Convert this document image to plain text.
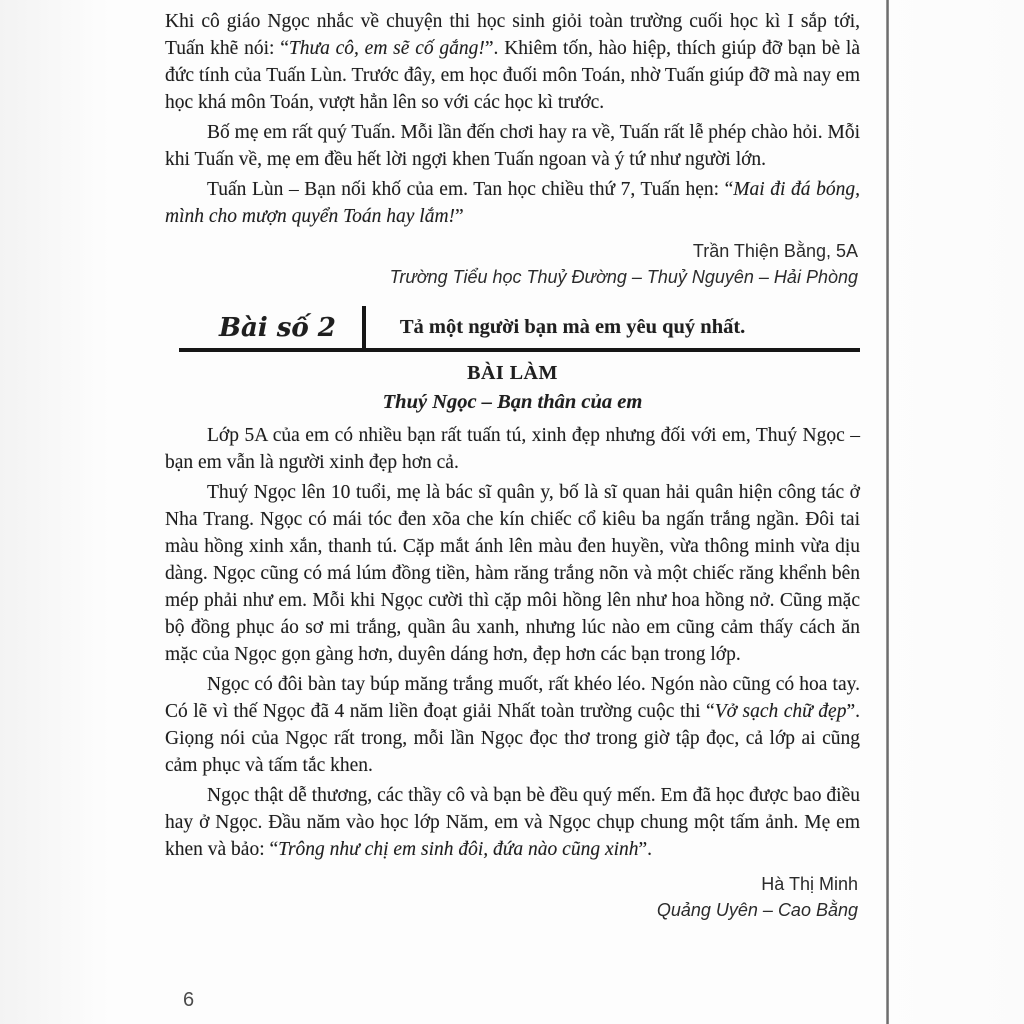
Khi cô giáo Ngọc nhắc về chuyện thi học sinh giỏi toàn trường cuối học kì I sắp tới, Tuấn khẽ nói: “Thưa cô, em sẽ cố gắng!”. Khiêm tốn, hào hiệp, thích giúp đỡ bạn bè là đức tính của Tuấn Lùn. Trước đây, em học đuối môn Toán, nhờ Tuấn giúp đỡ mà nay em học khá môn Toán, vượt hẳn lên so với các học kì trước.

Bố mẹ em rất quý Tuấn. Mỗi lần đến chơi hay ra về, Tuấn rất lễ phép chào hỏi. Mỗi khi Tuấn về, mẹ em đều hết lời ngợi khen Tuấn ngoan và ý tứ như người lớn.

Tuấn Lùn – Bạn nối khố của em. Tan học chiều thứ 7, Tuấn hẹn: “Mai đi đá bóng, mình cho mượn quyển Toán hay lắm!”

Trần Thiện Bằng, 5A
Trường Tiểu học Thuỷ Đường – Thuỷ Nguyên – Hải Phòng
Bài số 2	Tả một người bạn mà em yêu quý nhất.
BÀI LÀM
Thuý Ngọc – Bạn thân của em

Lớp 5A của em có nhiều bạn rất tuấn tú, xinh đẹp nhưng đối với em, Thuý Ngọc – bạn em vẫn là người xinh đẹp hơn cả.

Thuý Ngọc lên 10 tuổi, mẹ là bác sĩ quân y, bố là sĩ quan hải quân hiện công tác ở Nha Trang. Ngọc có mái tóc đen xõa che kín chiếc cổ kiêu ba ngấn trắng ngần. Đôi tai màu hồng xinh xắn, thanh tú. Cặp mắt ánh lên màu đen huyền, vừa thông minh vừa dịu dàng. Ngọc cũng có má lúm đồng tiền, hàm răng trắng nõn và một chiếc răng khểnh bên mép phải như em. Mỗi khi Ngọc cười thì cặp môi hồng lên như hoa hồng nở. Cũng mặc bộ đồng phục áo sơ mi trắng, quần âu xanh, nhưng lúc nào em cũng cảm thấy cách ăn mặc của Ngọc gọn gàng hơn, duyên dáng hơn, đẹp hơn các bạn trong lớp.

Ngọc có đôi bàn tay búp măng trắng muốt, rất khéo léo. Ngón nào cũng có hoa tay. Có lẽ vì thế Ngọc đã 4 năm liền đoạt giải Nhất toàn trường cuộc thi “Vở sạch chữ đẹp”. Giọng nói của Ngọc rất trong, mỗi lần Ngọc đọc thơ trong giờ tập đọc, cả lớp ai cũng cảm phục và tấm tắc khen.

Ngọc thật dễ thương, các thầy cô và bạn bè đều quý mến. Em đã học được bao điều hay ở Ngọc. Đầu năm vào học lớp Năm, em và Ngọc chụp chung một tấm ảnh. Mẹ em khen và bảo: “Trông như chị em sinh đôi, đứa nào cũng xinh”.

Hà Thị Minh
Quảng Uyên – Cao Bằng
6
